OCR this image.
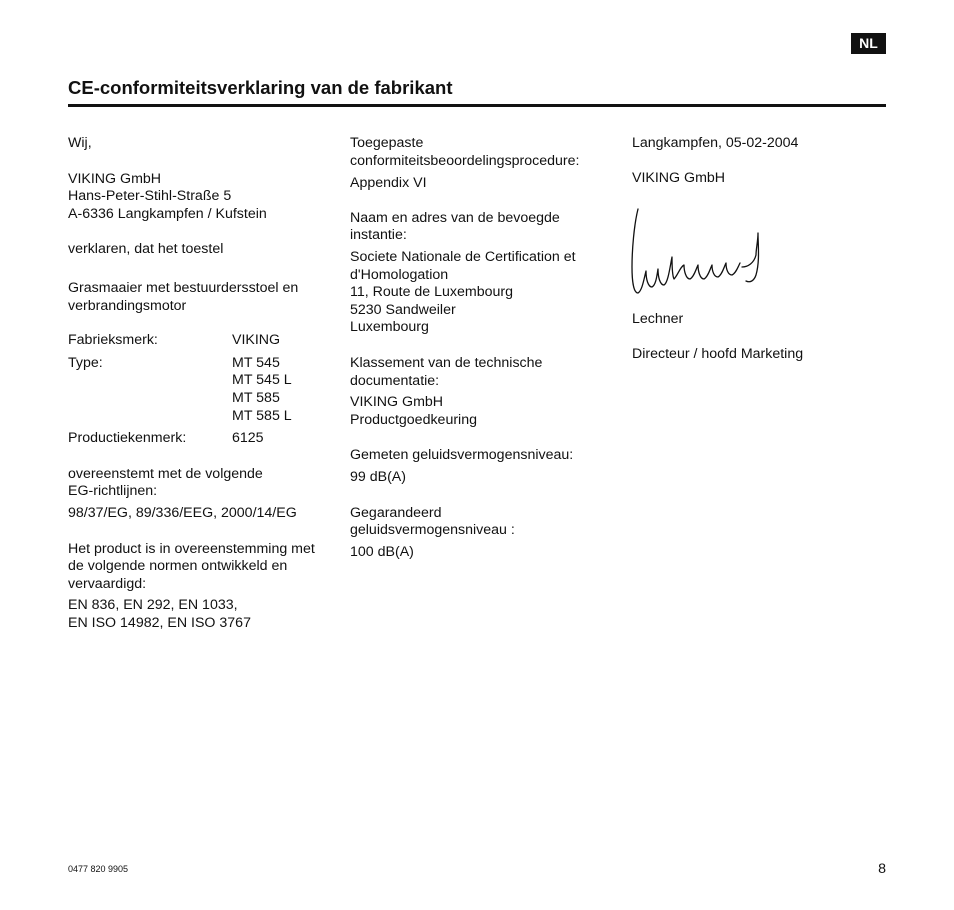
NL
CE-conformiteitsverklaring van de fabrikant
Wij,
VIKING GmbH
Hans-Peter-Stihl-Straße 5
A-6336 Langkampfen / Kufstein
verklaren, dat het toestel
Grasmaaier met bestuurdersstoel en
verbrandingsmotor
Fabrieksmerk:	VIKING
Type:	MT 545
MT 545 L
MT 585
MT 585 L
Productiekenmerk:	6125
overeenstemt met de volgende
EG-richtlijnen:
98/37/EG, 89/336/EEG, 2000/14/EG
Het product is in overeenstemming met
de volgende normen ontwikkeld en
vervaardigd:
EN 836, EN 292, EN 1033,
EN ISO 14982, EN ISO 3767
Toegepaste
conformiteitsbeoordelingsprocedure:
Appendix VI
Naam en adres van de bevoegde
instantie:
Societe Nationale de Certification et
d'Homologation
11, Route de Luxembourg
5230 Sandweiler
Luxembourg
Klassement van de technische
documentatie:
VIKING GmbH
Productgoedkeuring
Gemeten geluidsvermogensniveau:
99 dB(A)
Gegarandeerd
geluidsvermogensniveau :
100 dB(A)
Langkampfen, 05-02-2004
VIKING GmbH
Lechner
Directeur / hoofd Marketing
0477 820 9905	8
